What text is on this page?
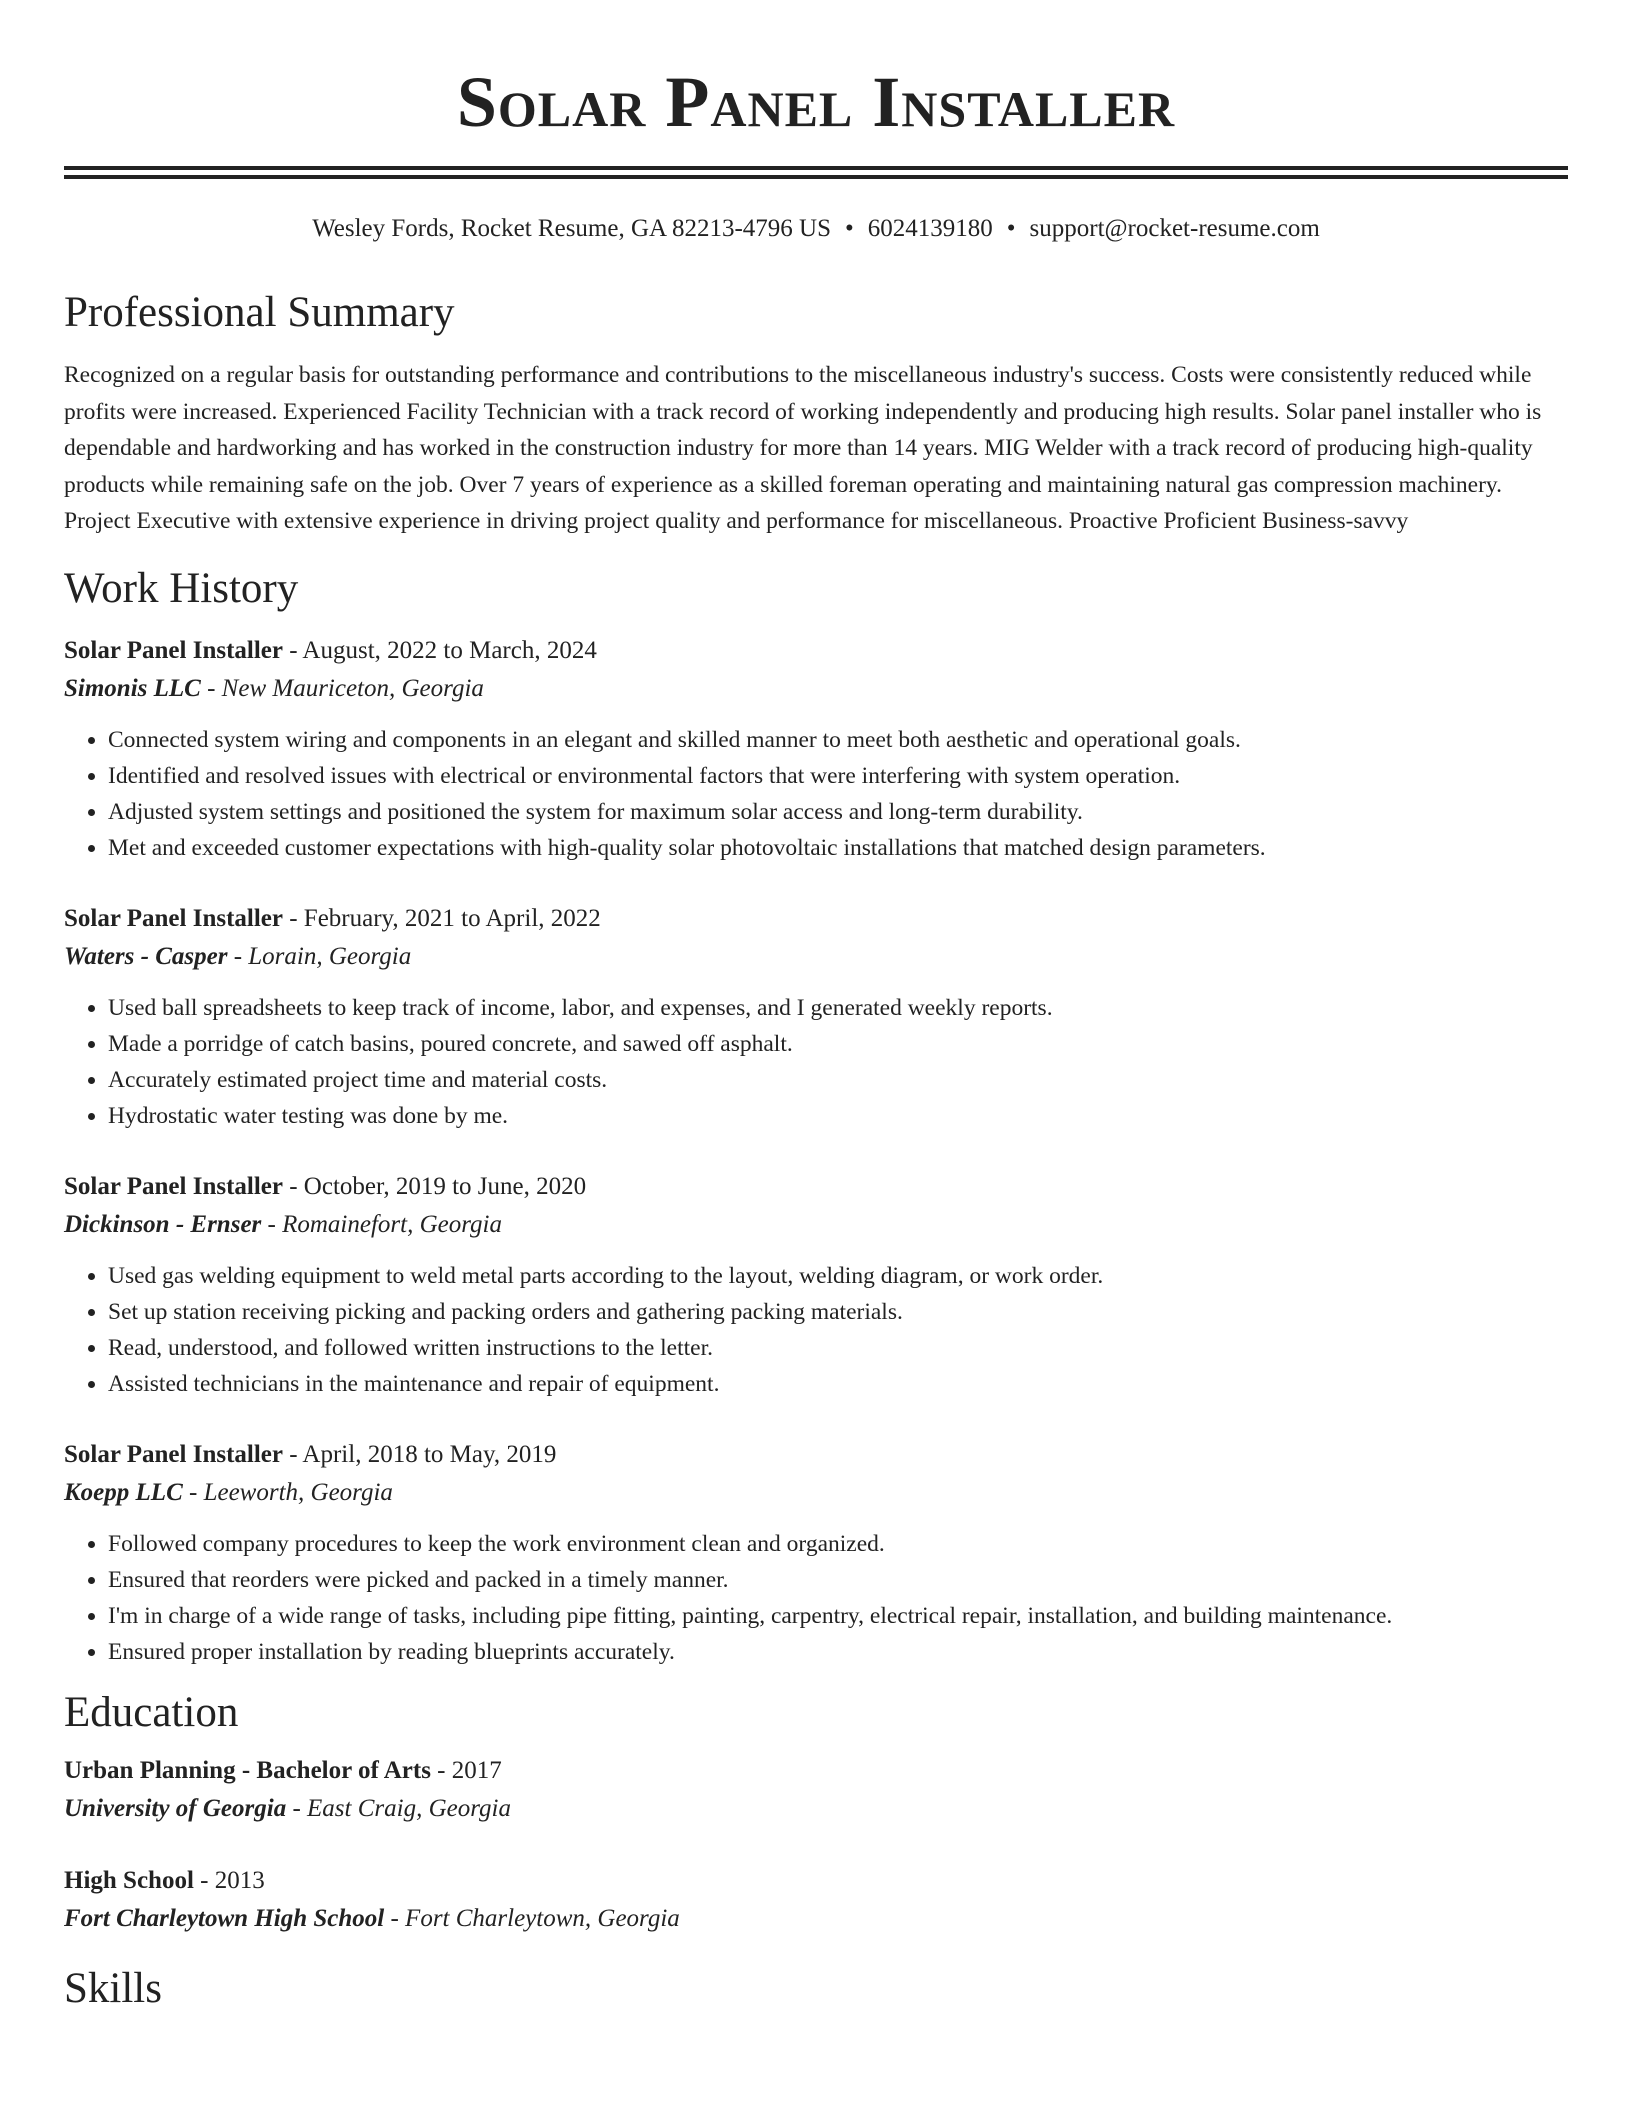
Solar Panel Installer
Wesley Fords, Rocket Resume, GA 82213-4796 US • 6024139180 • support@rocket-resume.com
Professional Summary
Recognized on a regular basis for outstanding performance and contributions to the miscellaneous industry's success. Costs were consistently reduced while profits were increased. Experienced Facility Technician with a track record of working independently and producing high results. Solar panel installer who is dependable and hardworking and has worked in the construction industry for more than 14 years. MIG Welder with a track record of producing high-quality products while remaining safe on the job. Over 7 years of experience as a skilled foreman operating and maintaining natural gas compression machinery. Project Executive with extensive experience in driving project quality and performance for miscellaneous. Proactive Proficient Business-savvy
Work History
Solar Panel Installer - August, 2022 to March, 2024
Simonis LLC - New Mauriceton, Georgia
• Connected system wiring and components in an elegant and skilled manner to meet both aesthetic and operational goals.
• Identified and resolved issues with electrical or environmental factors that were interfering with system operation.
• Adjusted system settings and positioned the system for maximum solar access and long-term durability.
• Met and exceeded customer expectations with high-quality solar photovoltaic installations that matched design parameters.
Solar Panel Installer - February, 2021 to April, 2022
Waters - Casper - Lorain, Georgia
• Used ball spreadsheets to keep track of income, labor, and expenses, and I generated weekly reports.
• Made a porridge of catch basins, poured concrete, and sawed off asphalt.
• Accurately estimated project time and material costs.
• Hydrostatic water testing was done by me.
Solar Panel Installer - October, 2019 to June, 2020
Dickinson - Ernser - Romainefort, Georgia
• Used gas welding equipment to weld metal parts according to the layout, welding diagram, or work order.
• Set up station receiving picking and packing orders and gathering packing materials.
• Read, understood, and followed written instructions to the letter.
• Assisted technicians in the maintenance and repair of equipment.
Solar Panel Installer - April, 2018 to May, 2019
Koepp LLC - Leeworth, Georgia
• Followed company procedures to keep the work environment clean and organized.
• Ensured that reorders were picked and packed in a timely manner.
• I'm in charge of a wide range of tasks, including pipe fitting, painting, carpentry, electrical repair, installation, and building maintenance.
• Ensured proper installation by reading blueprints accurately.
Education
Urban Planning - Bachelor of Arts - 2017
University of Georgia - East Craig, Georgia
High School - 2013
Fort Charleytown High School - Fort Charleytown, Georgia
Skills
